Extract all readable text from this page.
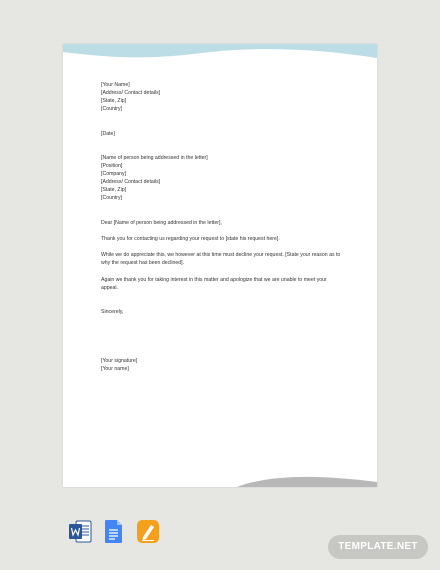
[Your Name]
[Address/ Contact details]
[State, Zip]
[Country]
[Date]
[Name of person being addressed in the letter]
[Position]
[Company]
[Address/ Contact details]
[State, Zip]
[Country]
Dear [Name of person being addressed in the letter],
Thank you for contacting us regarding your request to [state his request here].
While we do appreciate this, we however at this time must decline your request. [State your reason as to why the request has been declined].
Again we thank you for taking interest in this matter and apologize that we are unable to meet your appeal.
Sincerely,
[Your signature]
[Your name]
TEMPLATE.NET
